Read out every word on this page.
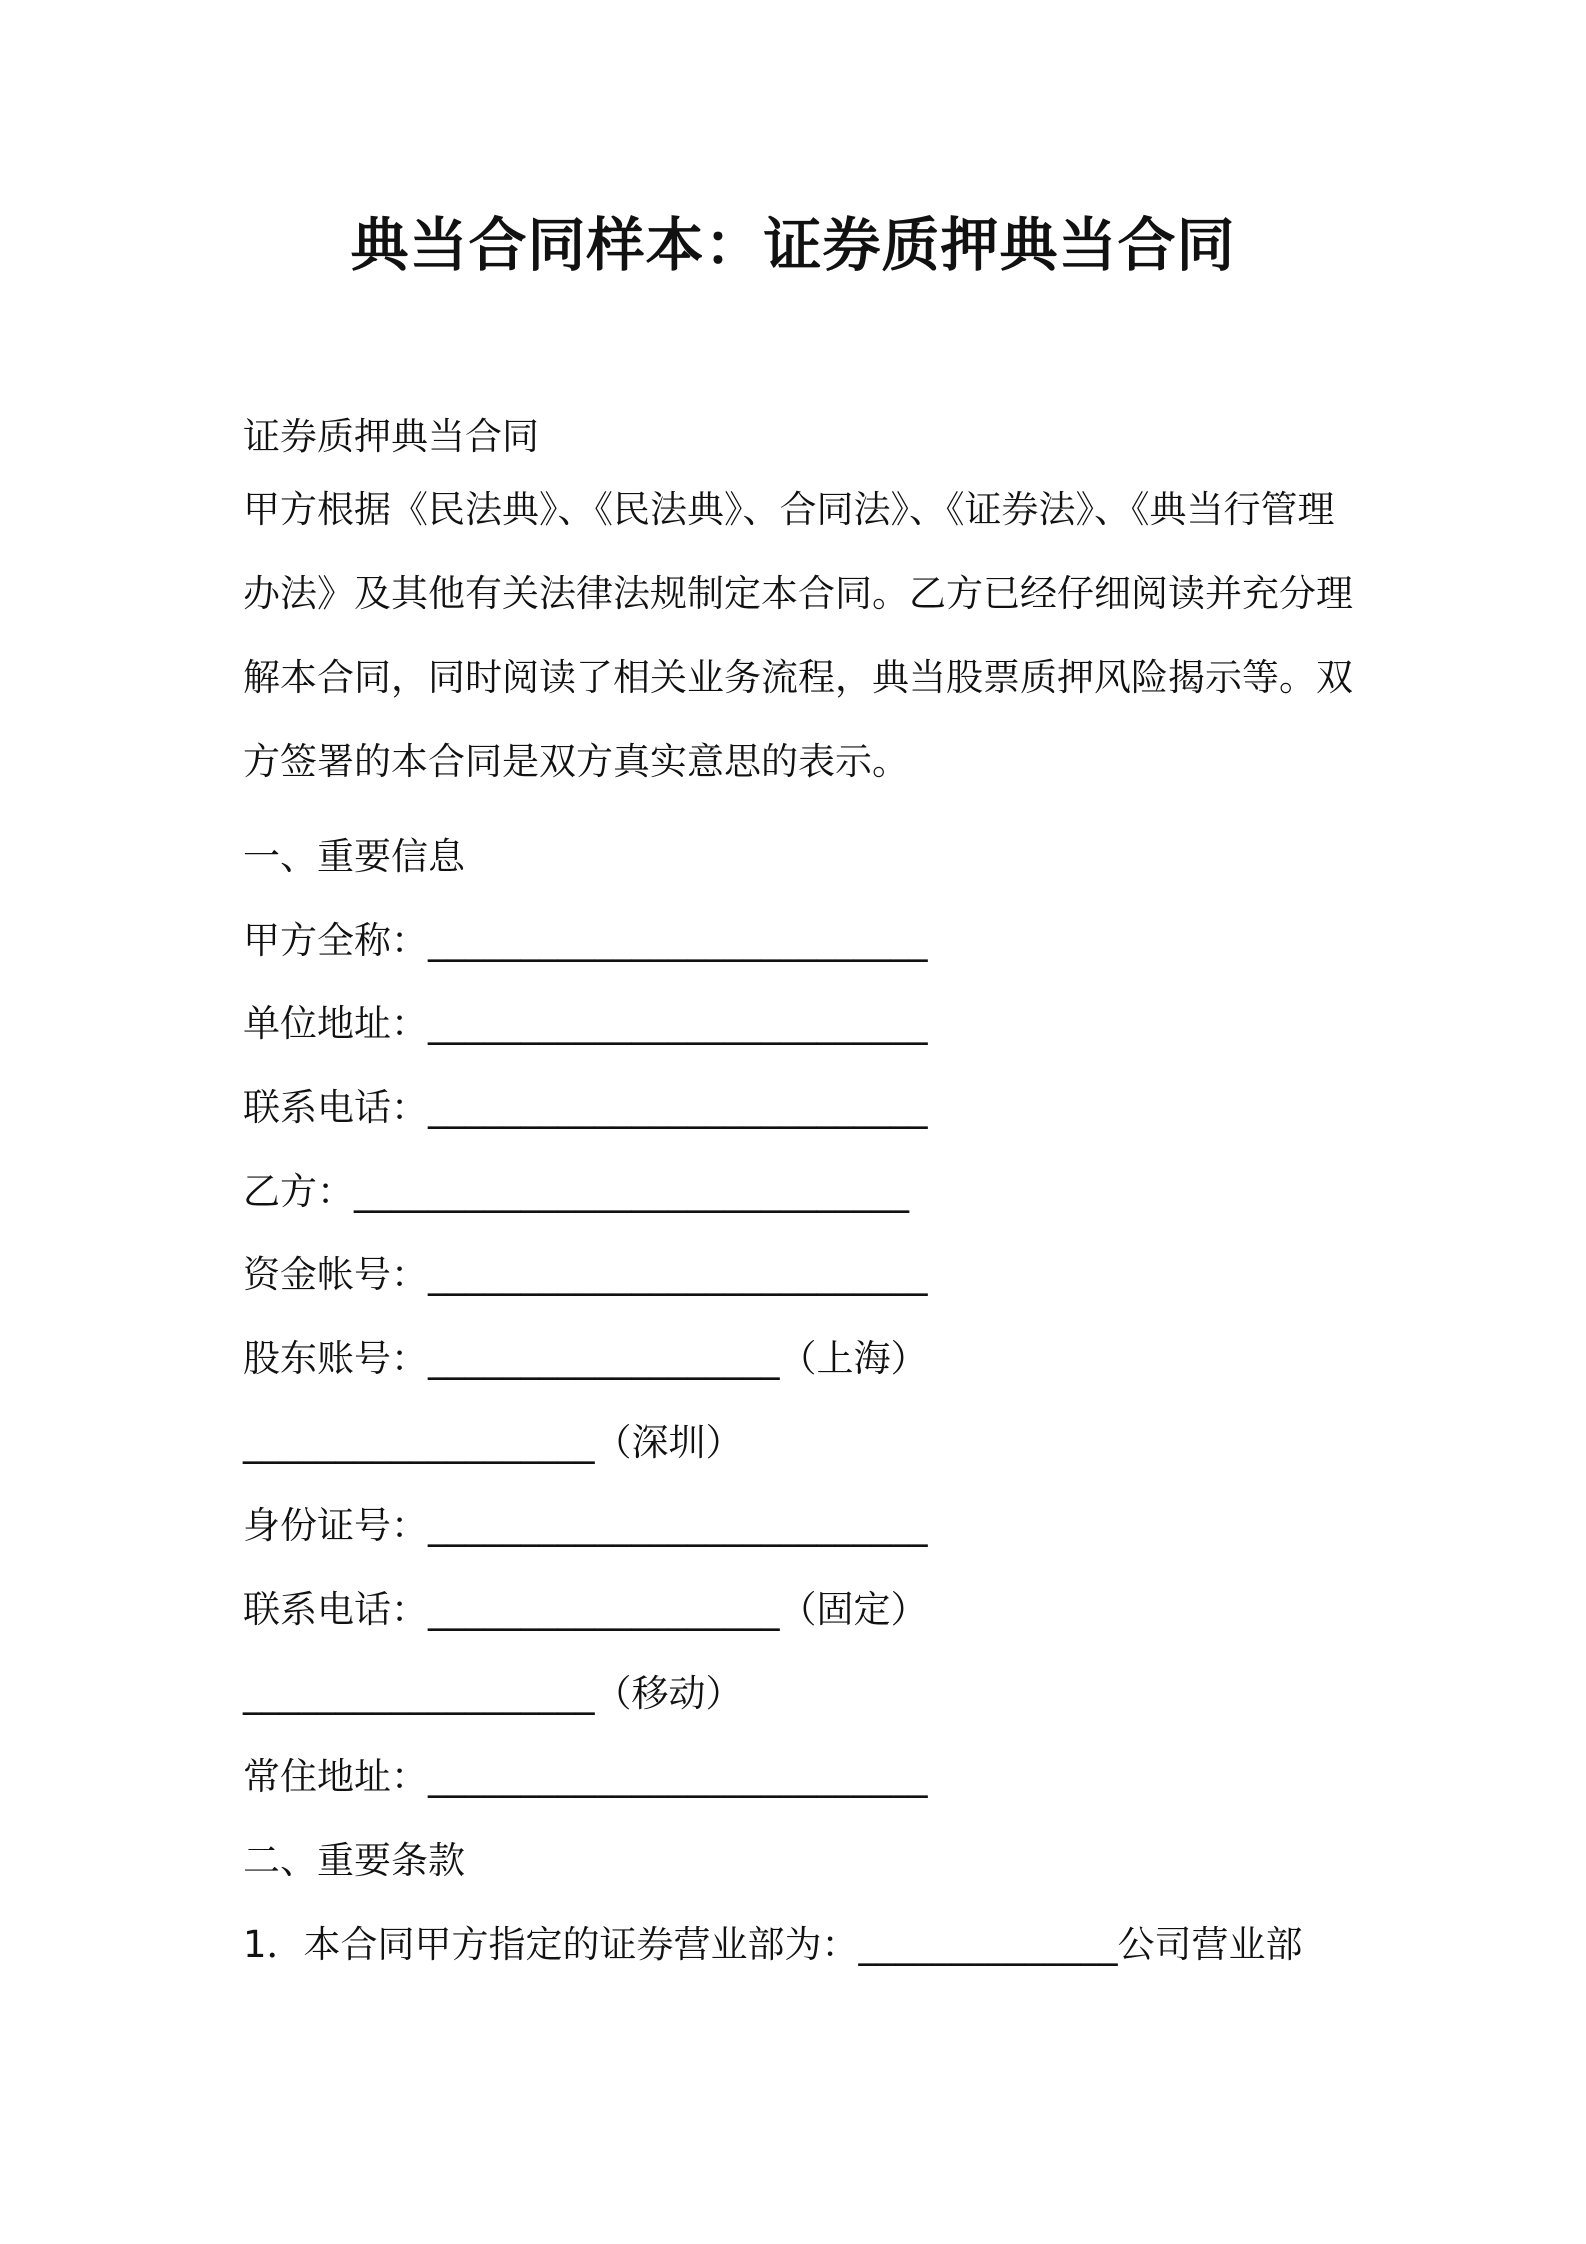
典当合同样本：证券质押典当合同
证券质押典当合同
甲方根据《民法典》、《民法典》、合同法》、《证券法》、《典当行管理
办法》及其他有关法律法规制定本合同。乙方已经仔细阅读并充分理
解本合同，同时阅读了相关业务流程，典当股票质押风险揭示等。双
方签署的本合同是双方真实意思的表示。
一、重要信息
甲方全称：___________________________
单位地址：___________________________
联系电话：___________________________
乙方：______________________________
资金帐号：___________________________
股东账号：___________________（上海）
___________________（深圳）
身份证号：___________________________
联系电话：___________________（固定）
___________________（移动）
常住地址：___________________________
二、重要条款
1．本合同甲方指定的证券营业部为：______________公司营业部
